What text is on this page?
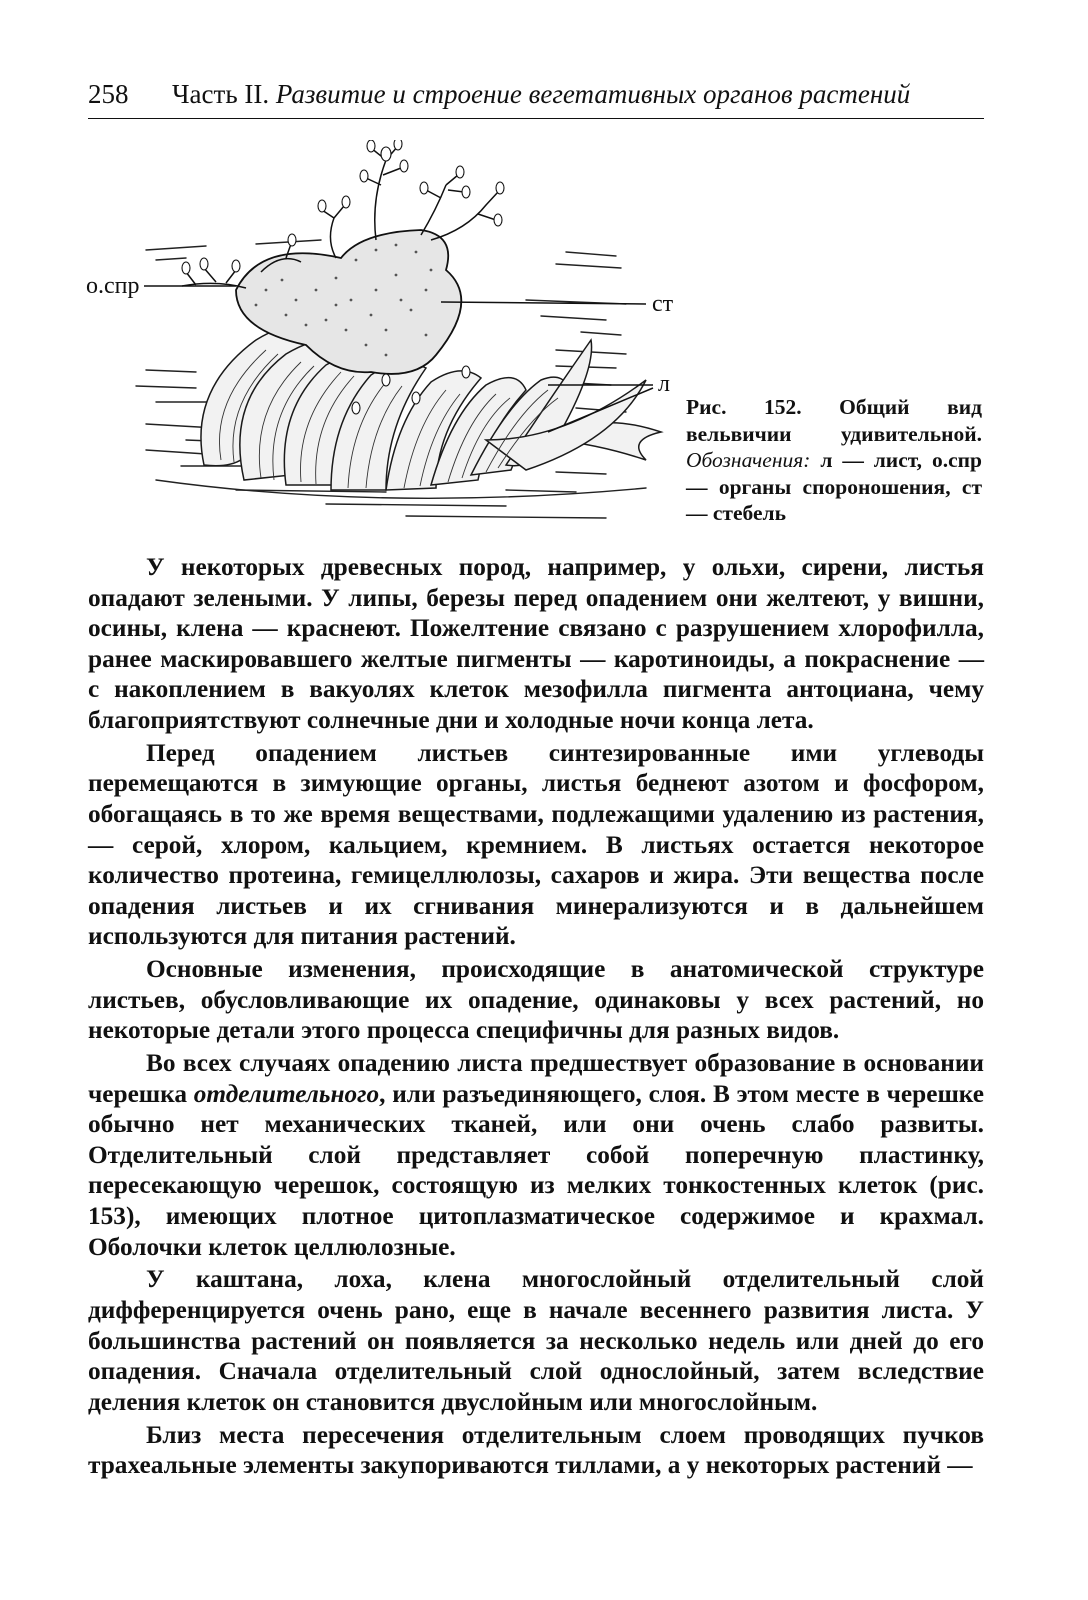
258 Часть II. Развитие и строение вегетативных органов растений
о.спр
ст
л
Рис. 152. Общий вид вельвичии удивительной. Обозначения: л — лист, о.спр — органы спороношения, ст — стебель

У некоторых древесных пород, например, у ольхи, сирени, листья опадают зелеными. У липы, березы перед опадением они желтеют, у вишни, осины, клена — краснеют. Пожелтение связано с разрушением хлорофилла, ранее маскировавшего желтые пигменты — каротиноиды, а покраснение — с накоплением в вакуолях клеток мезофилла пигмента антоциана, чему благоприятствуют солнечные дни и холодные ночи конца лета.

Перед опадением листьев синтезированные ими углеводы перемещаются в зимующие органы, листья беднеют азотом и фосфором, обогащаясь в то же время веществами, подлежащими удалению из растения, — серой, хлором, кальцием, кремнием. В листьях остается некоторое количество протеина, гемицеллюлозы, сахаров и жира. Эти вещества после опадения листьев и их сгнивания минерализуются и в дальнейшем используются для питания растений.

Основные изменения, происходящие в анатомической структуре листьев, обусловливающие их опадение, одинаковы у всех растений, но некоторые детали этого процесса специфичны для разных видов.

Во всех случаях опадению листа предшествует образование в основании черешка отделительного, или разъединяющего, слоя. В этом месте в черешке обычно нет механических тканей, или они очень слабо развиты. Отделительный слой представляет собой поперечную пластинку, пересекающую черешок, состоящую из мелких тонкостенных клеток (рис. 153), имеющих плотное цитоплазматическое содержимое и крахмал. Оболочки клеток целлюлозные.

У каштана, лоха, клена многослойный отделительный слой дифференцируется очень рано, еще в начале весеннего развития листа. У большинства растений он появляется за несколько недель или дней до его опадения. Сначала отделительный слой однослойный, затем вследствие деления клеток он становится двуслойным или многослойным.

Близ места пересечения отделительным слоем проводящих пучков трахеальные элементы закупориваются тиллами, а у некоторых растений —
